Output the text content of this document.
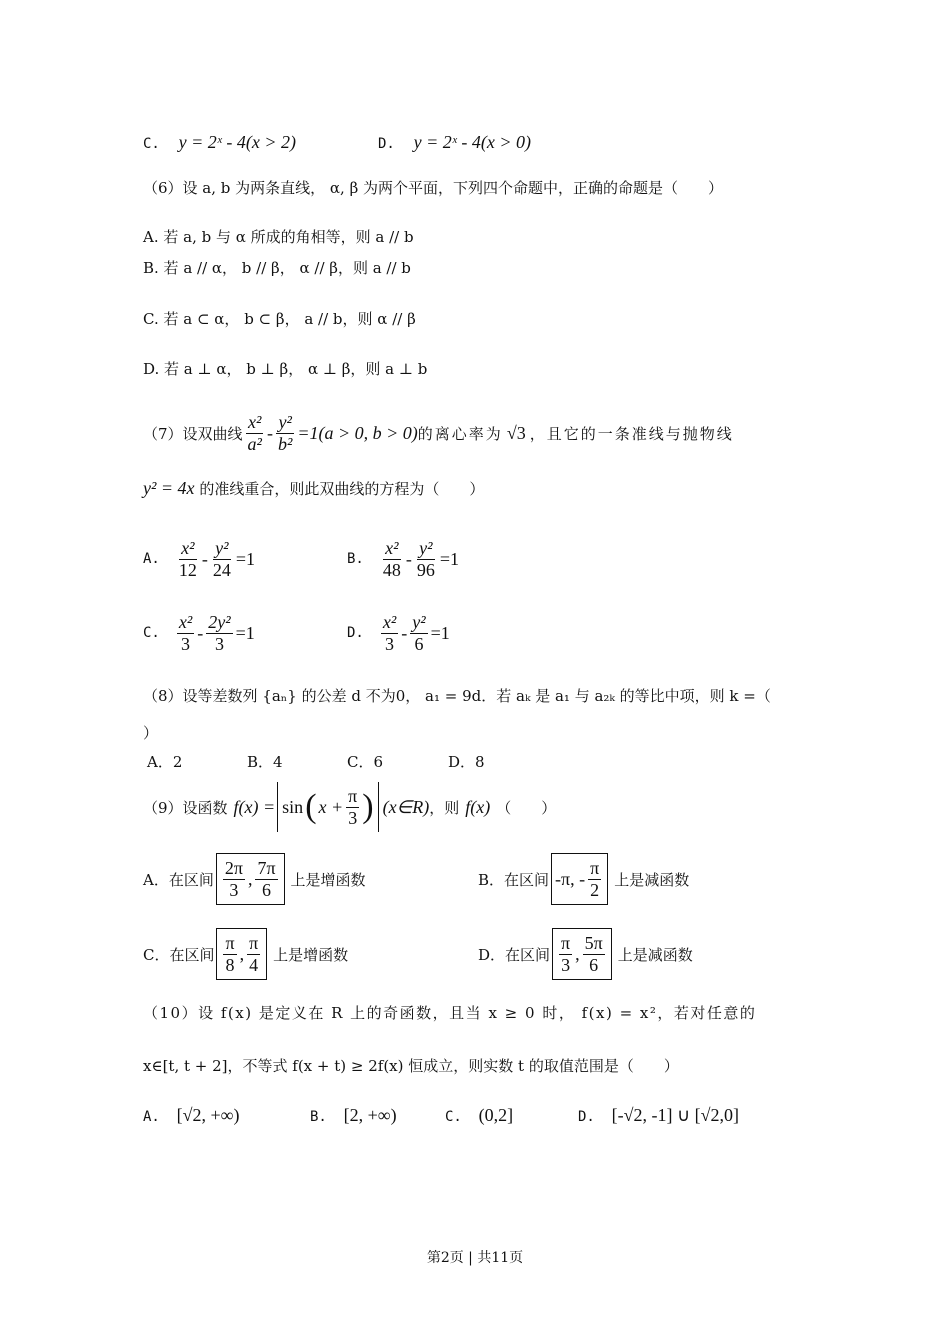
C. y = 2ˣ - 4(x > 2)	D. y = 2ˣ - 4(x > 0)
（6）设 a, b 为两条直线， α, β 为两个平面，下列四个命题中，正确的命题是（　　）
A. 若 a, b 与 α 所成的角相等，则 a // b
B. 若 a // α， b // β， α // β，则 a // b
C. 若 a ⊂ α， b ⊂ β， a // b，则 α // β
D. 若 a ⊥ α， b ⊥ β， α ⊥ β，则 a ⊥ b
（7）设双曲线 $\frac{\text{x²}}{\text{a²}} - \frac{\text{y²}}{\text{b²}} =1(a > 0$, b > 0) 的离心率为 √3 ，且它的一条准线与抛物线
y² = 4x 的准线重合，则此双曲线的方程为（　　）
A. $\frac{\text{x²}}{12} - \frac{\text{y²}}{24} =1$	B. $\frac{\text{x²}}{48} - \frac{\text{y²}}{96} =1$
C. $\frac{\text{x²}}{3} - \frac{\text{2y²}}{3} =1$	D. $\frac{\text{x²}}{3} - \frac{\text{y²}}{6} =1$
（8）设等差数列 {aₙ} 的公差 d 不为0， a₁ = 9d．若 aₖ 是 a₁ 与 a₂ₖ 的等比中项，则 k =（
）
A．2	B．4	C．6	D．8
（9）设函数 f(x) = sin ( $x + \frac{\pi}{3}$ ) (x∈R) ，则 f(x) （　　）
A．在区间 $\frac{2\pi}{3}$ , $\frac{7\pi}{6}$ 上是增函数	B．在区间 -π, - $\frac{\pi}{2}$ 上是减函数
C．在区间 $\frac{\pi}{8}$ , $\frac{\pi}{4}$ 上是增函数	D．在区间 $\frac{\pi}{3}$ , $\frac{5\pi}{6}$ 上是减函数
（10）设 f(x) 是定义在 R 上的奇函数，且当 x ≥ 0 时， f(x) = x²，若对任意的
x∈[t, t + 2]，不等式 f(x + t) ≥ 2f(x) 恒成立，则实数 t 的取值范围是（　　）
A. [√2, +∞)	B. [2, +∞)	C. (0,2]	D. [-√2, -1] ∪ [√2,0]
第2页 | 共11页
